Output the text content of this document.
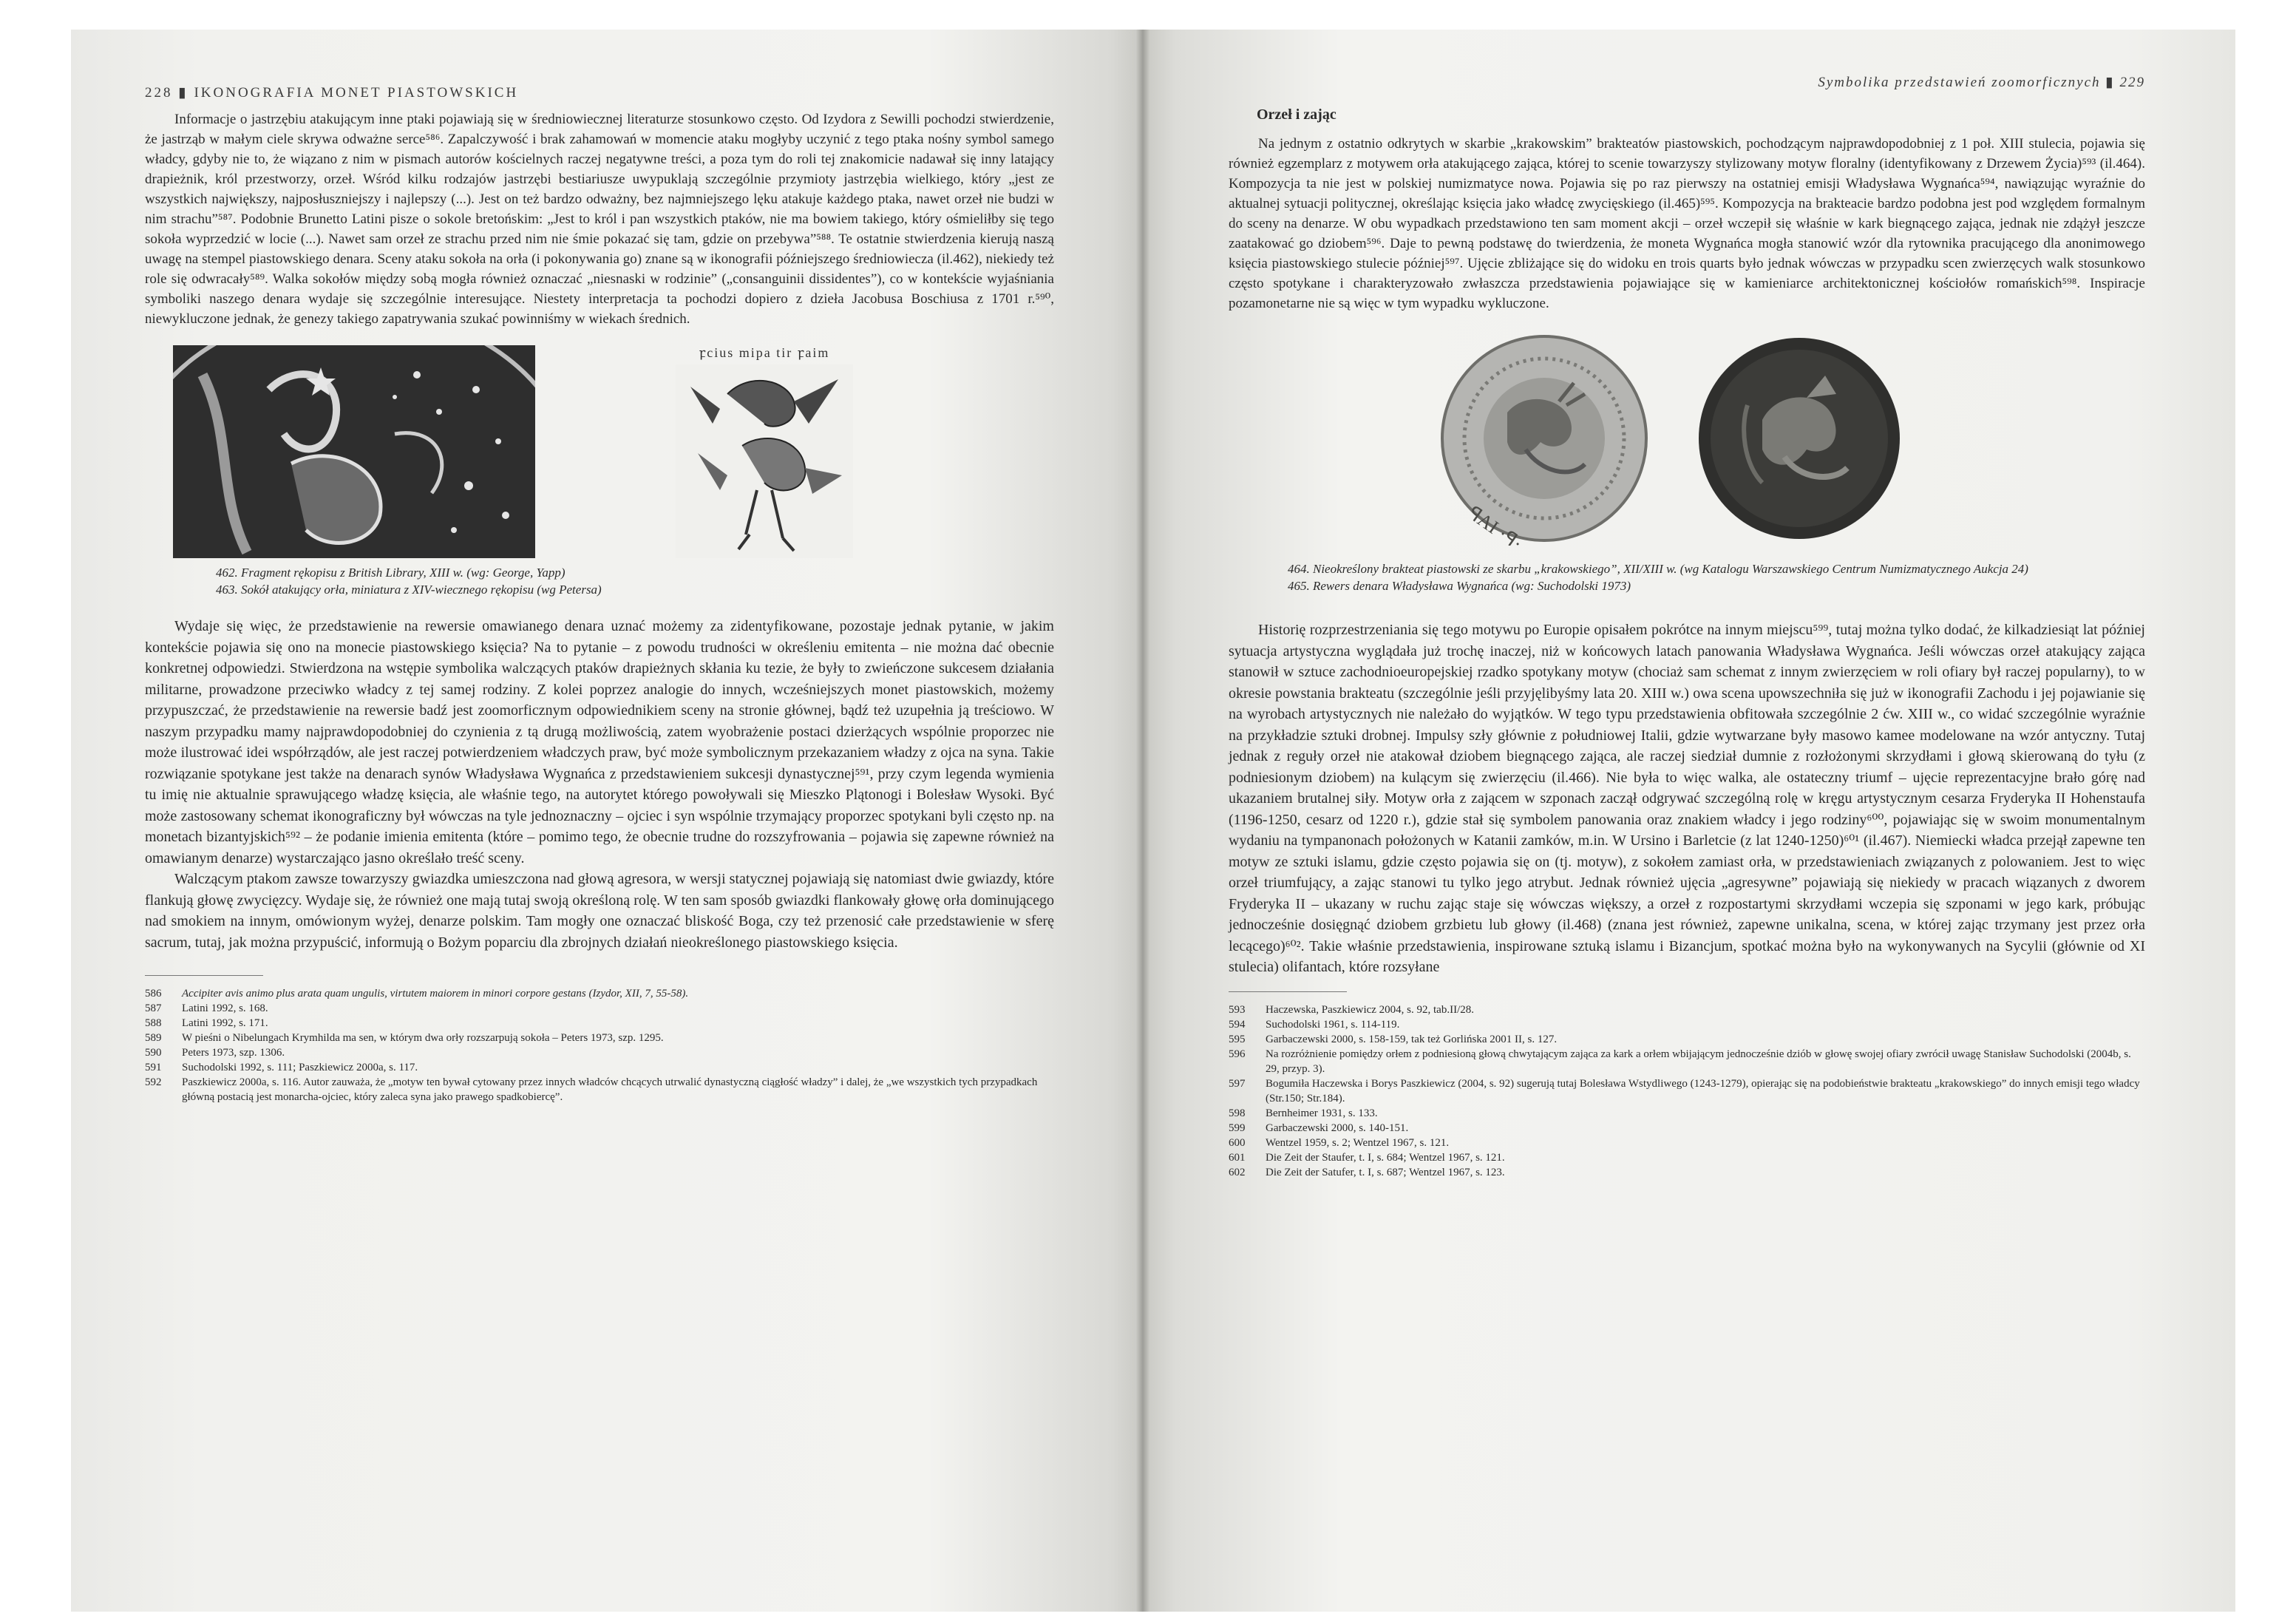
228 ▮ IKONOGRAFIA MONET PIASTOWSKICH

Informacje o jastrzębiu atakującym inne ptaki pojawiają się w średniowiecznej literaturze stosunkowo często. Od Izydora z Sewilli pochodzi stwierdzenie, że jastrząb w małym ciele skrywa odważne serce⁵⁸⁶. Zapalczywość i brak zahamowań w momencie ataku mogłyby uczynić z tego ptaka nośny symbol samego władcy, gdyby nie to, że wiązano z nim w pismach autorów kościelnych raczej negatywne treści, a poza tym do roli tej znakomicie nadawał się inny latający drapieżnik, król przestworzy, orzeł. Wśród kilku rodzajów jastrzębi bestiariusze uwypuklają szczególnie przymioty jastrzębia wielkiego, który „jest ze wszystkich największy, najposłuszniejszy i najlepszy (...). Jest on też bardzo odważny, bez najmniejszego lęku atakuje każdego ptaka, nawet orzeł nie budzi w nim strachu”⁵⁸⁷. Podobnie Brunetto Latini pisze o sokole bretońskim: „Jest to król i pan wszystkich ptaków, nie ma bowiem takiego, który ośmieliłby się tego sokoła wyprzedzić w locie (...). Nawet sam orzeł ze strachu przed nim nie śmie pokazać się tam, gdzie on przebywa”⁵⁸⁸. Te ostatnie stwierdzenia kierują naszą uwagę na stempel piastowskiego denara. Sceny ataku sokoła na orła (i pokonywania go) znane są w ikonografii późniejszego średniowiecza (il.462), niekiedy też role się odwracały⁵⁸⁹. Walka sokołów między sobą mogła również oznaczać „niesnaski w rodzinie” („consanguinii dissidentes”), co w kontekście wyjaśniania symboliki naszego denara wydaje się szczególnie interesujące. Niestety interpretacja ta pochodzi dopiero z dzieła Jacobusa Boschiusa z 1701 r.⁵⁹⁰, niewykluczone jednak, że genezy takiego zapatrywania szukać powinniśmy w wiekach średnich.

ꝼcius mipa tir ꝼaim
462. Fragment rękopisu z British Library, XIII w. (wg: George, Yapp)
463. Sokół atakujący orła, miniatura z XIV-wiecznego rękopisu (wg Petersa)

Wydaje się więc, że przedstawienie na rewersie omawianego denara uznać możemy za zidentyfikowane, pozostaje jednak pytanie, w jakim kontekście pojawia się ono na monecie piastowskiego księcia? Na to pytanie – z powodu trudności w określeniu emitenta – nie można dać obecnie konkretnej odpowiedzi. Stwierdzona na wstępie symbolika walczących ptaków drapieżnych skłania ku tezie, że były to zwieńczone sukcesem działania militarne, prowadzone przeciwko władcy z tej samej rodziny. Z kolei poprzez analogie do innych, wcześniejszych monet piastowskich, możemy przypuszczać, że przedstawienie na rewersie badź jest zoomorficznym odpowiednikiem sceny na stronie głównej, bądź też uzupełnia ją treściowo. W naszym przypadku mamy najprawdopodobniej do czynienia z tą drugą możliwością, zatem wyobrażenie postaci dzierżących wspólnie proporzec nie może ilustrować idei współrządów, ale jest raczej potwierdzeniem władczych praw, być może symbolicznym przekazaniem władzy z ojca na syna. Takie rozwiązanie spotykane jest także na denarach synów Władysława Wygnańca z przedstawieniem sukcesji dynastycznej⁵⁹¹, przy czym legenda wymienia tu imię nie aktualnie sprawującego władzę księcia, ale właśnie tego, na autorytet którego powoływali się Mieszko Plątonogi i Bolesław Wysoki. Być może zastosowany schemat ikonograficzny był wówczas na tyle jednoznaczny – ojciec i syn wspólnie trzymający proporzec spotykani byli często np. na monetach bizantyjskich⁵⁹² – że podanie imienia emitenta (które – pomimo tego, że obecnie trudne do rozszyfrowania – pojawia się zapewne również na omawianym denarze) wystarczająco jasno określało treść sceny.

Walczącym ptakom zawsze towarzyszy gwiazdka umieszczona nad głową agresora, w wersji statycznej pojawiają się natomiast dwie gwiazdy, które flankują głowę zwycięzcy. Wydaje się, że również one mają tutaj swoją określoną rolę. W ten sam sposób gwiazdki flankowały głowę orła dominującego nad smokiem na innym, omówionym wyżej, denarze polskim. Tam mogły one oznaczać bliskość Boga, czy też przenosić całe przedstawienie w sferę sacrum, tutaj, jak można przypuścić, informują o Bożym poparciu dla zbrojnych działań nieokreślonego piastowskiego księcia.

586	Accipiter avis animo plus arata quam ungulis, virtutem maiorem in minori corpore gestans (Izydor, XII, 7, 55-58).
587	Latini 1992, s. 168.
588	Latini 1992, s. 171.
589	W pieśni o Nibelungach Krymhilda ma sen, w którym dwa orły rozszarpują sokoła – Peters 1973, szp. 1295.
590	Peters 1973, szp. 1306.
591	Suchodolski 1992, s. 111; Paszkiewicz 2000a, s. 117.
592	Paszkiewicz 2000a, s. 116. Autor zauważa, że „motyw ten bywał cytowany przez innych władców chcących utrwalić dynastyczną ciągłość władzy” i dalej, że „we wszystkich tych przypadkach główną postacią jest monarcha-ojciec, który zaleca syna jako prawego spadkobiercę”.
Symbolika przedstawień zoomorficznych ▮ 229
Orzeł i zając

Na jednym z ostatnio odkrytych w skarbie „krakowskim” brakteatów piastowskich, pochodzącym najprawdopodobniej z 1 poł. XIII stulecia, pojawia się również egzemplarz z motywem orła atakującego zająca, której to scenie towarzyszy stylizowany motyw floralny (identyfikowany z Drzewem Życia)⁵⁹³ (il.464). Kompozycja ta nie jest w polskiej numizmatyce nowa. Pojawia się po raz pierwszy na ostatniej emisji Władysława Wygnańca⁵⁹⁴, nawiązując wyraźnie do aktualnej sytuacji politycznej, określając księcia jako władcę zwycięskiego (il.465)⁵⁹⁵. Kompozycja na brakteacie bardzo podobna jest pod względem formalnym do sceny na denarze. W obu wypadkach przedstawiono ten sam moment akcji – orzeł wczepił się właśnie w kark biegnącego zająca, jednak nie zdążył jeszcze zaatakować go dziobem⁵⁹⁶. Daje to pewną podstawę do twierdzenia, że moneta Wygnańca mogła stanowić wzór dla rytownika pracującego dla anonimowego księcia piastowskiego stulecie później⁵⁹⁷. Ujęcie zbliżające się do widoku en trois quarts było jednak wówczas w przypadku scen zwierzęcych walk stosunkowo często spotykane i charakteryzowało zwłaszcza przedstawienia pojawiające się w kamieniarce architektonicznej kościołów romańskich⁵⁹⁸. Inspiracje pozamonetarne nie są więc w tym wypadku wykluczone.

ꟼAI ·ꟼ·
464. Nieokreślony brakteat piastowski ze skarbu „krakowskiego”, XII/XIII w. (wg Katalogu Warszawskiego Centrum Numizmatycznego Aukcja 24)
465. Rewers denara Władysława Wygnańca (wg: Suchodolski 1973)

Historię rozprzestrzeniania się tego motywu po Europie opisałem pokrótce na innym miejscu⁵⁹⁹, tutaj można tylko dodać, że kilkadziesiąt lat później sytuacja artystyczna wyglądała już trochę inaczej, niż w końcowych latach panowania Władysława Wygnańca. Jeśli wówczas orzeł atakujący zająca stanowił w sztuce zachodnioeuropejskiej rzadko spotykany motyw (chociaż sam schemat z innym zwierzęciem w roli ofiary był raczej popularny), to w okresie powstania brakteatu (szczególnie jeśli przyjęlibyśmy lata 20. XIII w.) owa scena upowszechniła się już w ikonografii Zachodu i jej pojawianie się na wyrobach artystycznych nie należało do wyjątków. W tego typu przedstawienia obfitowała szczególnie 2 ćw. XIII w., co widać szczególnie wyraźnie na przykładzie sztuki drobnej. Impulsy szły głównie z południowej Italii, gdzie wytwarzane były masowo kamee modelowane na wzór antyczny. Tutaj jednak z reguły orzeł nie atakował dziobem biegnącego zająca, ale raczej siedział dumnie z rozłożonymi skrzydłami i głową skierowaną do tyłu (z podniesionym dziobem) na kulącym się zwierzęciu (il.466). Nie była to więc walka, ale ostateczny triumf – ujęcie reprezentacyjne brało górę nad ukazaniem brutalnej siły. Motyw orła z zającem w szponach zaczął odgrywać szczególną rolę w kręgu artystycznym cesarza Fryderyka II Hohenstaufa (1196-1250, cesarz od 1220 r.), gdzie stał się symbolem panowania oraz znakiem władcy i jego rodziny⁶⁰⁰, pojawiając się w swoim monumentalnym wydaniu na tympanonach położonych w Katanii zamków, m.in. W Ursino i Barletcie (z lat 1240-1250)⁶⁰¹ (il.467). Niemiecki władca przejął zapewne ten motyw ze sztuki islamu, gdzie często pojawia się on (tj. motyw), z sokołem zamiast orła, w przedstawieniach związanych z polowaniem. Jest to więc orzeł triumfujący, a zając stanowi tu tylko jego atrybut. Jednak również ujęcia „agresywne” pojawiają się niekiedy w pracach wiązanych z dworem Fryderyka II – ukazany w ruchu zając staje się wówczas większy, a orzeł z rozpostartymi skrzydłami wczepia się szponami w jego kark, próbując jednocześnie dosięgnąć dziobem grzbietu lub głowy (il.468) (znana jest również, zapewne unikalna, scena, w której zając trzymany jest przez orła lecącego)⁶⁰². Takie właśnie przedstawienia, inspirowane sztuką islamu i Bizancjum, spotkać można było na wykonywanych na Sycylii (głównie od XI stulecia) olifantach, które rozsyłane

593	Haczewska, Paszkiewicz 2004, s. 92, tab.II/28.
594	Suchodolski 1961, s. 114-119.
595	Garbaczewski 2000, s. 158-159, tak też Gorlińska 2001 II, s. 127.
596	Na rozróżnienie pomiędzy orłem z podniesioną głową chwytającym zająca za kark a orłem wbijającym jednocześnie dziób w głowę swojej ofiary zwrócił uwagę Stanisław Suchodolski (2004b, s. 29, przyp. 3).
597	Bogumiła Haczewska i Borys Paszkiewicz (2004, s. 92) sugerują tutaj Bolesława Wstydliwego (1243-1279), opierając się na podobieństwie brakteatu „krakowskiego” do innych emisji tego władcy (Str.150; Str.184).
598	Bernheimer 1931, s. 133.
599	Garbaczewski 2000, s. 140-151.
600	Wentzel 1959, s. 2; Wentzel 1967, s. 121.
601	Die Zeit der Staufer, t. I, s. 684; Wentzel 1967, s. 121.
602	Die Zeit der Satufer, t. I, s. 687; Wentzel 1967, s. 123.
